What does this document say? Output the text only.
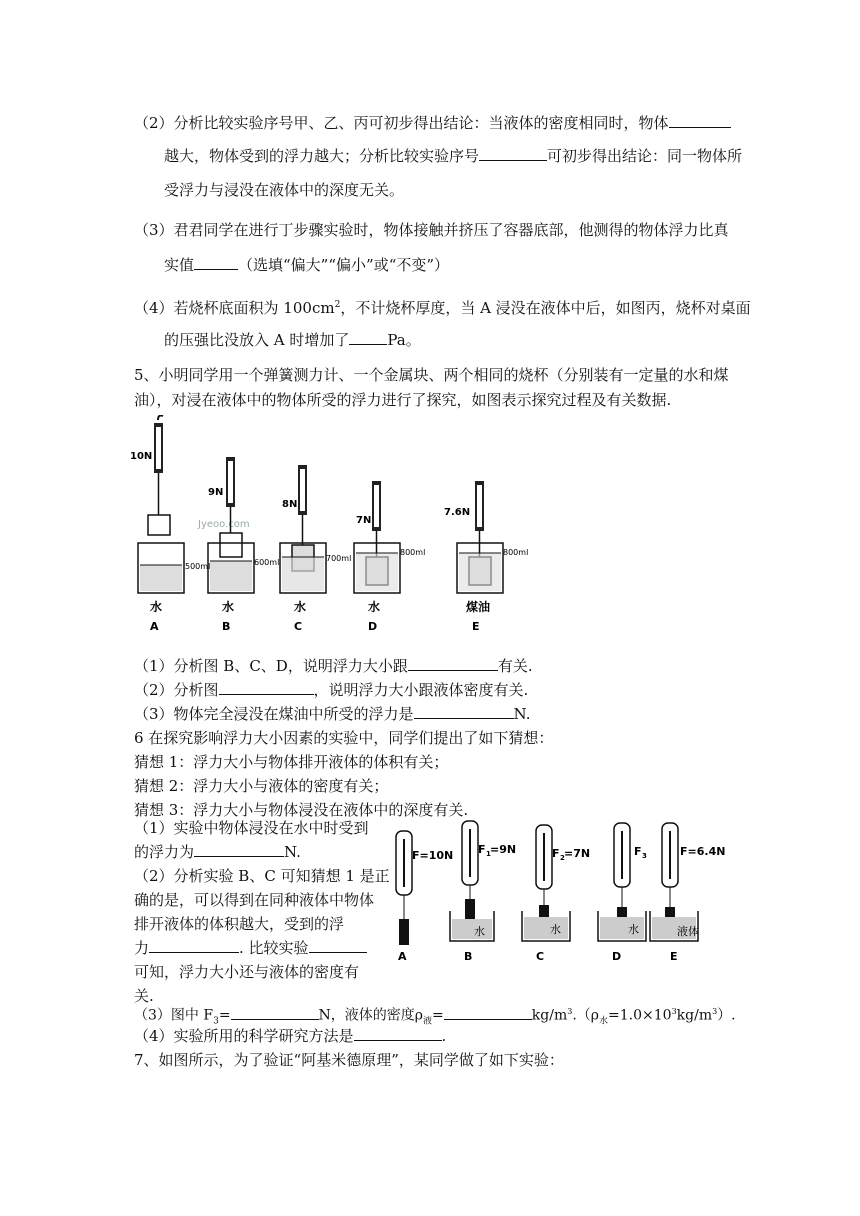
（2）分析比较实验序号甲、乙、丙可初步得出结论：当液体的密度相同时，物体
越大，物体受到的浮力越大；分析比较实验序号	可初步得出结论：同一物体所
受浮力与浸没在液体中的深度无关。
（3）君君同学在进行丁步骤实验时，物体接触并挤压了容器底部，他测得的物体浮力比真
实值	（选填“偏大”“偏小”或“不变”）
（4）若烧杯底面积为 $100cm^2$，不计烧杯厚度，当 A 浸没在液体中后，如图丙，烧杯对桌面
的压强比没放入 A 时增加了	Pa。
5、小明同学用一个弹簧测力计、一个金属块、两个相同的烧杯（分别装有一定量的水和煤
油），对浸在液体中的物体所受的浮力进行了探究，如图表示探究过程及有关数据.
Jyeoo.com
10N
500ml
水
A
9N
600ml
水
B
8N
700ml
水
C
7N
800ml
水
D
7.6N
800ml
煤油
E
（1）分析图 B、C、D，说明浮力大小跟	有关.
（2）分析图	，说明浮力大小跟液体密度有关.
（3）物体完全浸没在煤油中所受的浮力是	N.
6 在探究影响浮力大小因素的实验中，同学们提出了如下猜想：
猜想 1：浮力大小与物体排开液体的体积有关；
猜想 2：浮力大小与液体的密度有关；
猜想 3：浮力大小与物体浸没在液体中的深度有关.
（1）实验中物体浸没在水中时受到
的浮力为	N.
（2）分析实验 B、C 可知猜想 1 是正
确的是，可以得到在同种液体中物体
排开液体的体积越大，受到的浮
力	. 比较实验
可知，浮力大小还与液体的密度有
关.
F=10N
A
F 1 =9N
水
B
F 2 =7N
水
C
F 3
水
D
F=6.4N
液体
E
（3）图中 $F_3=$	N，液体的密度$\rho_液=$	$kg/m^3.(\rho_水=1.0\times 10^3kg/m^3)$.
（4）实验所用的科学研究方法是	.
7、如图所示，为了验证“阿基米德原理”，某同学做了如下实验：
